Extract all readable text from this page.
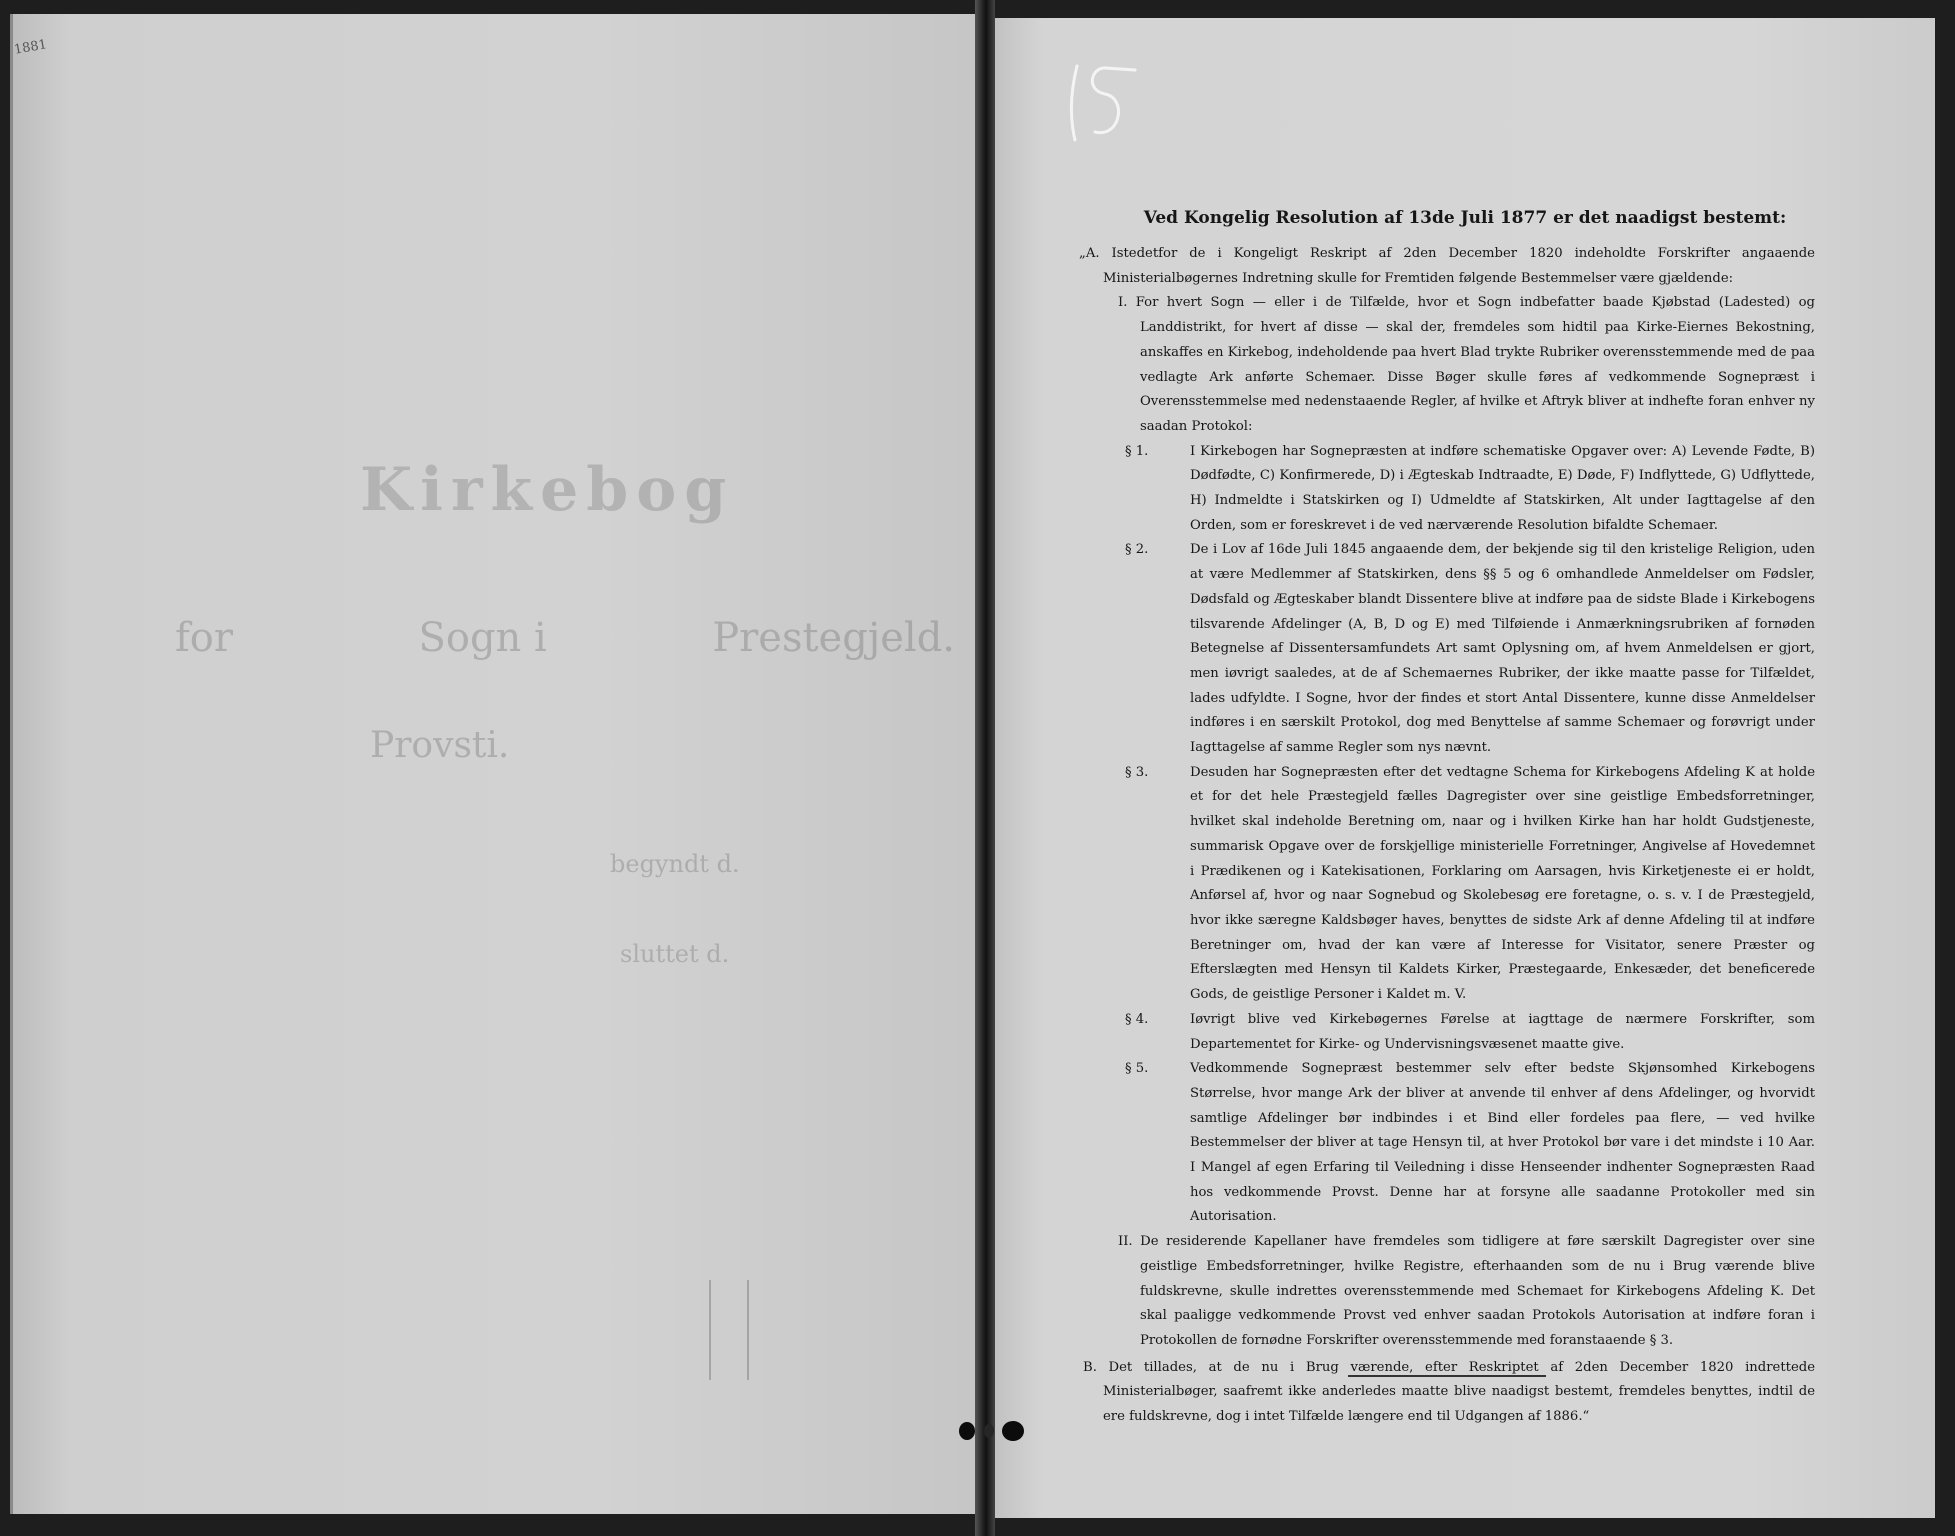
1881
Kirkebog
for	Sogn i	Prestegjeld.
Provsti.
begyndt d.
sluttet d.
Ved Kongelig Resolution af 13de Juli 1877 er det naadigst bestemt:
„A. Istedetfor de i Kongeligt Reskript af 2den December 1820 indeholdte Forskrifter angaaende Ministerialbøgernes Indretning skulle for Fremtiden følgende Bestemmelser være gjældende:
I. For hvert Sogn — eller i de Tilfælde, hvor et Sogn indbefatter baade Kjøbstad (Ladested) og Landdistrikt, for hvert af disse — skal der, fremdeles som hidtil paa Kirke-Eiernes Bekostning, anskaffes en Kirkebog, indeholdende paa hvert Blad trykte Rubriker overensstemmende med de paa vedlagte Ark anførte Schemaer. Disse Bøger skulle føres af vedkommende Sognepræst i Overensstemmelse med nedenstaaende Regler, af hvilke et Aftryk bliver at indhefte foran enhver ny saadan Protokol:
§ 1.	I Kirkebogen har Sognepræsten at indføre schematiske Opgaver over: A) Levende Fødte, B) Dødfødte, C) Konfirmerede, D) i Ægteskab Indtraadte, E) Døde, F) Indflyttede, G) Udflyttede, H) Indmeldte i Statskirken og I) Udmeldte af Statskirken, Alt under Iagttagelse af den Orden, som er foreskrevet i de ved nærværende Resolution bifaldte Schemaer.
§ 2.	De i Lov af 16de Juli 1845 angaaende dem, der bekjende sig til den kristelige Religion, uden at være Medlemmer af Statskirken, dens §§ 5 og 6 omhandlede Anmeldelser om Fødsler, Dødsfald og Ægteskaber blandt Dissentere blive at indføre paa de sidste Blade i Kirkebogens tilsvarende Afdelinger (A, B, D og E) med Tilføiende i Anmærkningsrubriken af fornøden Betegnelse af Dissentersamfundets Art samt Oplysning om, af hvem Anmeldelsen er gjort, men iøvrigt saaledes, at de af Schemaernes Rubriker, der ikke maatte passe for Tilfældet, lades udfyldte. I Sogne, hvor der findes et stort Antal Dissentere, kunne disse Anmeldelser indføres i en særskilt Protokol, dog med Benyttelse af samme Schemaer og forøvrigt under Iagttagelse af samme Regler som nys nævnt.
§ 3.	Desuden har Sognepræsten efter det vedtagne Schema for Kirkebogens Afdeling K at holde et for det hele Præstegjeld fælles Dagregister over sine geistlige Embedsforretninger, hvilket skal indeholde Beretning om, naar og i hvilken Kirke han har holdt Gudstjeneste, summarisk Opgave over de forskjellige ministerielle Forretninger, Angivelse af Hovedemnet i Prædikenen og i Katekisationen, Forklaring om Aarsagen, hvis Kirketjeneste ei er holdt, Anførsel af, hvor og naar Sognebud og Skolebesøg ere foretagne, o. s. v. I de Præstegjeld, hvor ikke særegne Kaldsbøger haves, benyttes de sidste Ark af denne Afdeling til at indføre Beretninger om, hvad der kan være af Interesse for Visitator, senere Præster og Efterslægten med Hensyn til Kaldets Kirker, Præstegaarde, Enkesæder, det beneficerede Gods, de geistlige Personer i Kaldet m. V.
§ 4.	Iøvrigt blive ved Kirkebøgernes Førelse at iagttage de nærmere Forskrifter, som Departementet for Kirke- og Undervisningsvæsenet maatte give.
§ 5.	Vedkommende Sognepræst bestemmer selv efter bedste Skjønsomhed Kirkebogens Størrelse, hvor mange Ark der bliver at anvende til enhver af dens Afdelinger, og hvorvidt samtlige Afdelinger bør indbindes i et Bind eller fordeles paa flere, — ved hvilke Bestemmelser der bliver at tage Hensyn til, at hver Protokol bør vare i det mindste i 10 Aar. I Mangel af egen Erfaring til Veiledning i disse Henseender indhenter Sognepræsten Raad hos vedkommende Provst. Denne har at forsyne alle saadanne Protokoller med sin Autorisation.
II. De residerende Kapellaner have fremdeles som tidligere at føre særskilt Dagregister over sine geistlige Embedsforretninger, hvilke Registre, efterhaanden som de nu i Brug værende blive fuldskrevne, skulle indrettes overensstemmende med Schemaet for Kirkebogens Afdeling K. Det skal paaligge vedkommende Provst ved enhver saadan Protokols Autorisation at indføre foran i Protokollen de fornødne Forskrifter overensstemmende med foranstaaende § 3.
B. Det tillades, at de nu i Brug værende, efter Reskriptet af 2den December 1820 indrettede Ministerialbøger, saafremt ikke anderledes maatte blive naadigst bestemt, fremdeles benyttes, indtil de ere fuldskrevne, dog i intet Tilfælde længere end til Udgangen af 1886.“
